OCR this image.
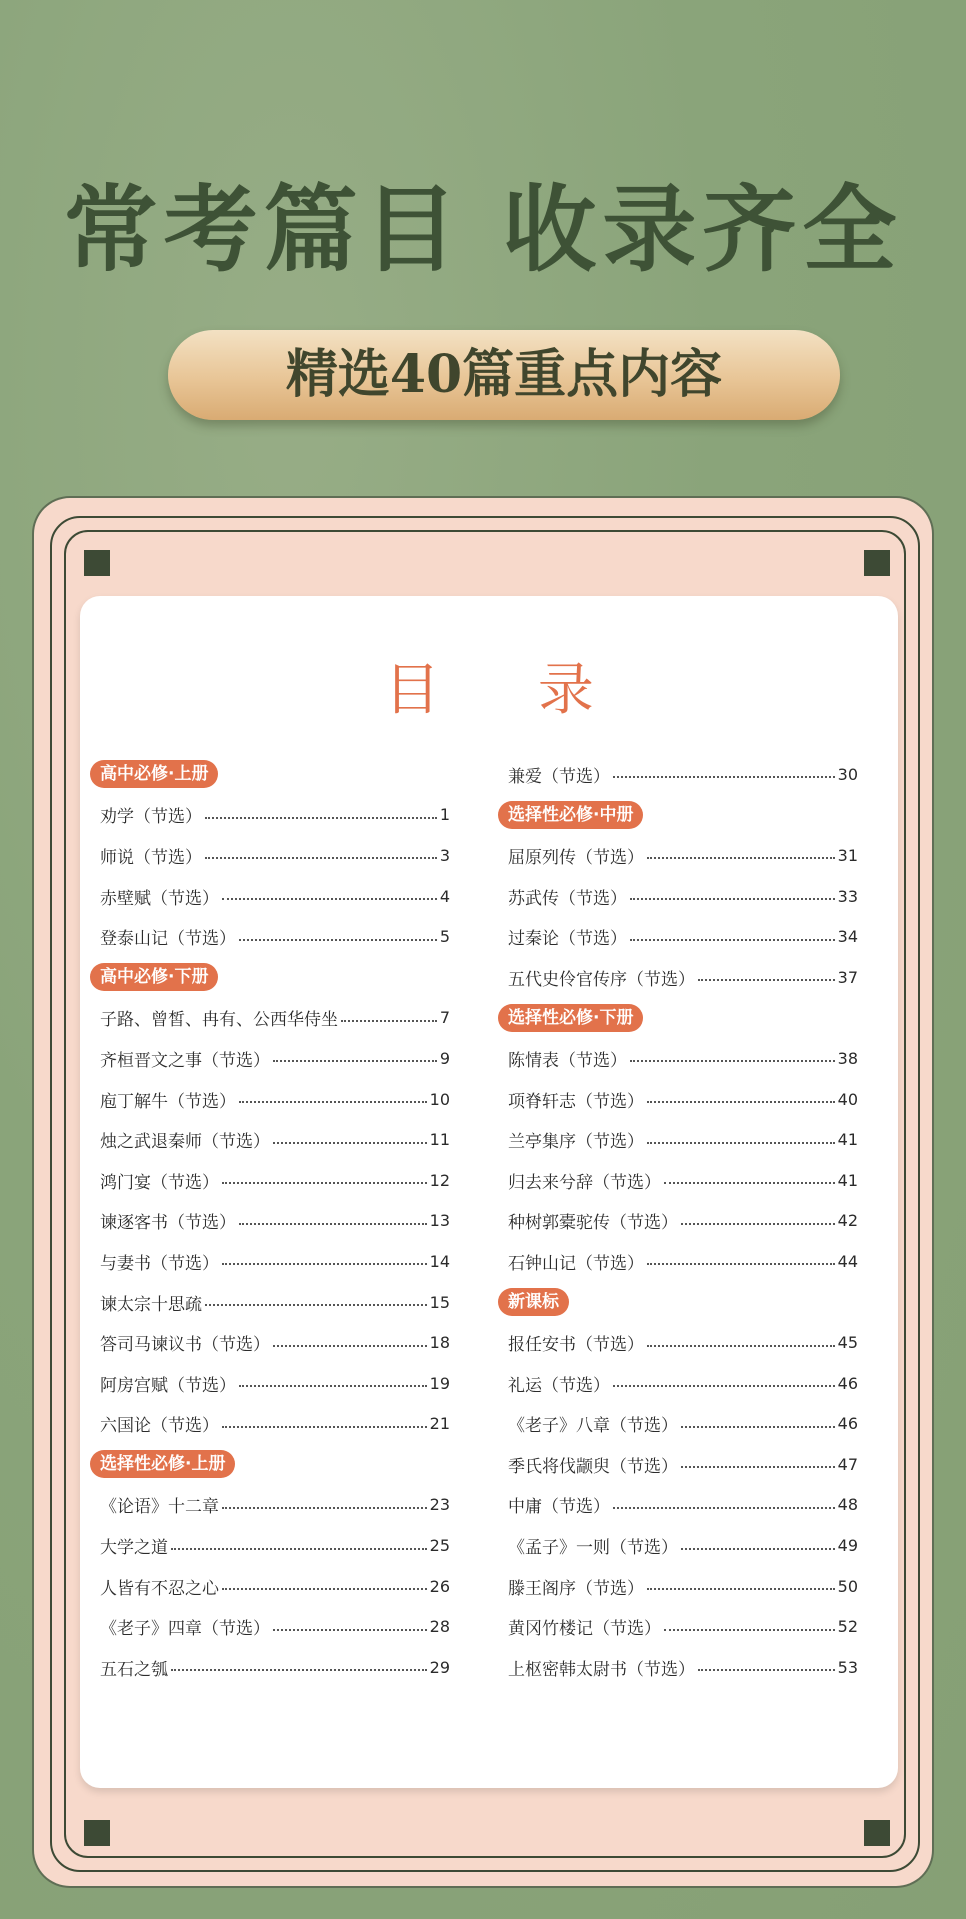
常考篇目 收录齐全
精选40篇重点内容
目 录
高中必修·上册
劝学（节选）	1
师说（节选）	3
赤壁赋（节选）	4
登泰山记（节选）	5
高中必修·下册
子路、曾皙、冉有、公西华侍坐	7
齐桓晋文之事（节选）	9
庖丁解牛（节选）	10
烛之武退秦师（节选）	11
鸿门宴（节选）	12
谏逐客书（节选）	13
与妻书（节选）	14
谏太宗十思疏	15
答司马谏议书（节选）	18
阿房宫赋（节选）	19
六国论（节选）	21
选择性必修·上册
《论语》十二章	23
大学之道	25
人皆有不忍之心	26
《老子》四章（节选）	28
五石之瓠	29
兼爱（节选）	30
选择性必修·中册
屈原列传（节选）	31
苏武传（节选）	33
过秦论（节选）	34
五代史伶官传序（节选）	37
选择性必修·下册
陈情表（节选）	38
项脊轩志（节选）	40
兰亭集序（节选）	41
归去来兮辞（节选）	41
种树郭橐驼传（节选）	42
石钟山记（节选）	44
新课标
报任安书（节选）	45
礼运（节选）	46
《老子》八章（节选）	46
季氏将伐颛臾（节选）	47
中庸（节选）	48
《孟子》一则（节选）	49
滕王阁序（节选）	50
黄冈竹楼记（节选）	52
上枢密韩太尉书（节选）	53
